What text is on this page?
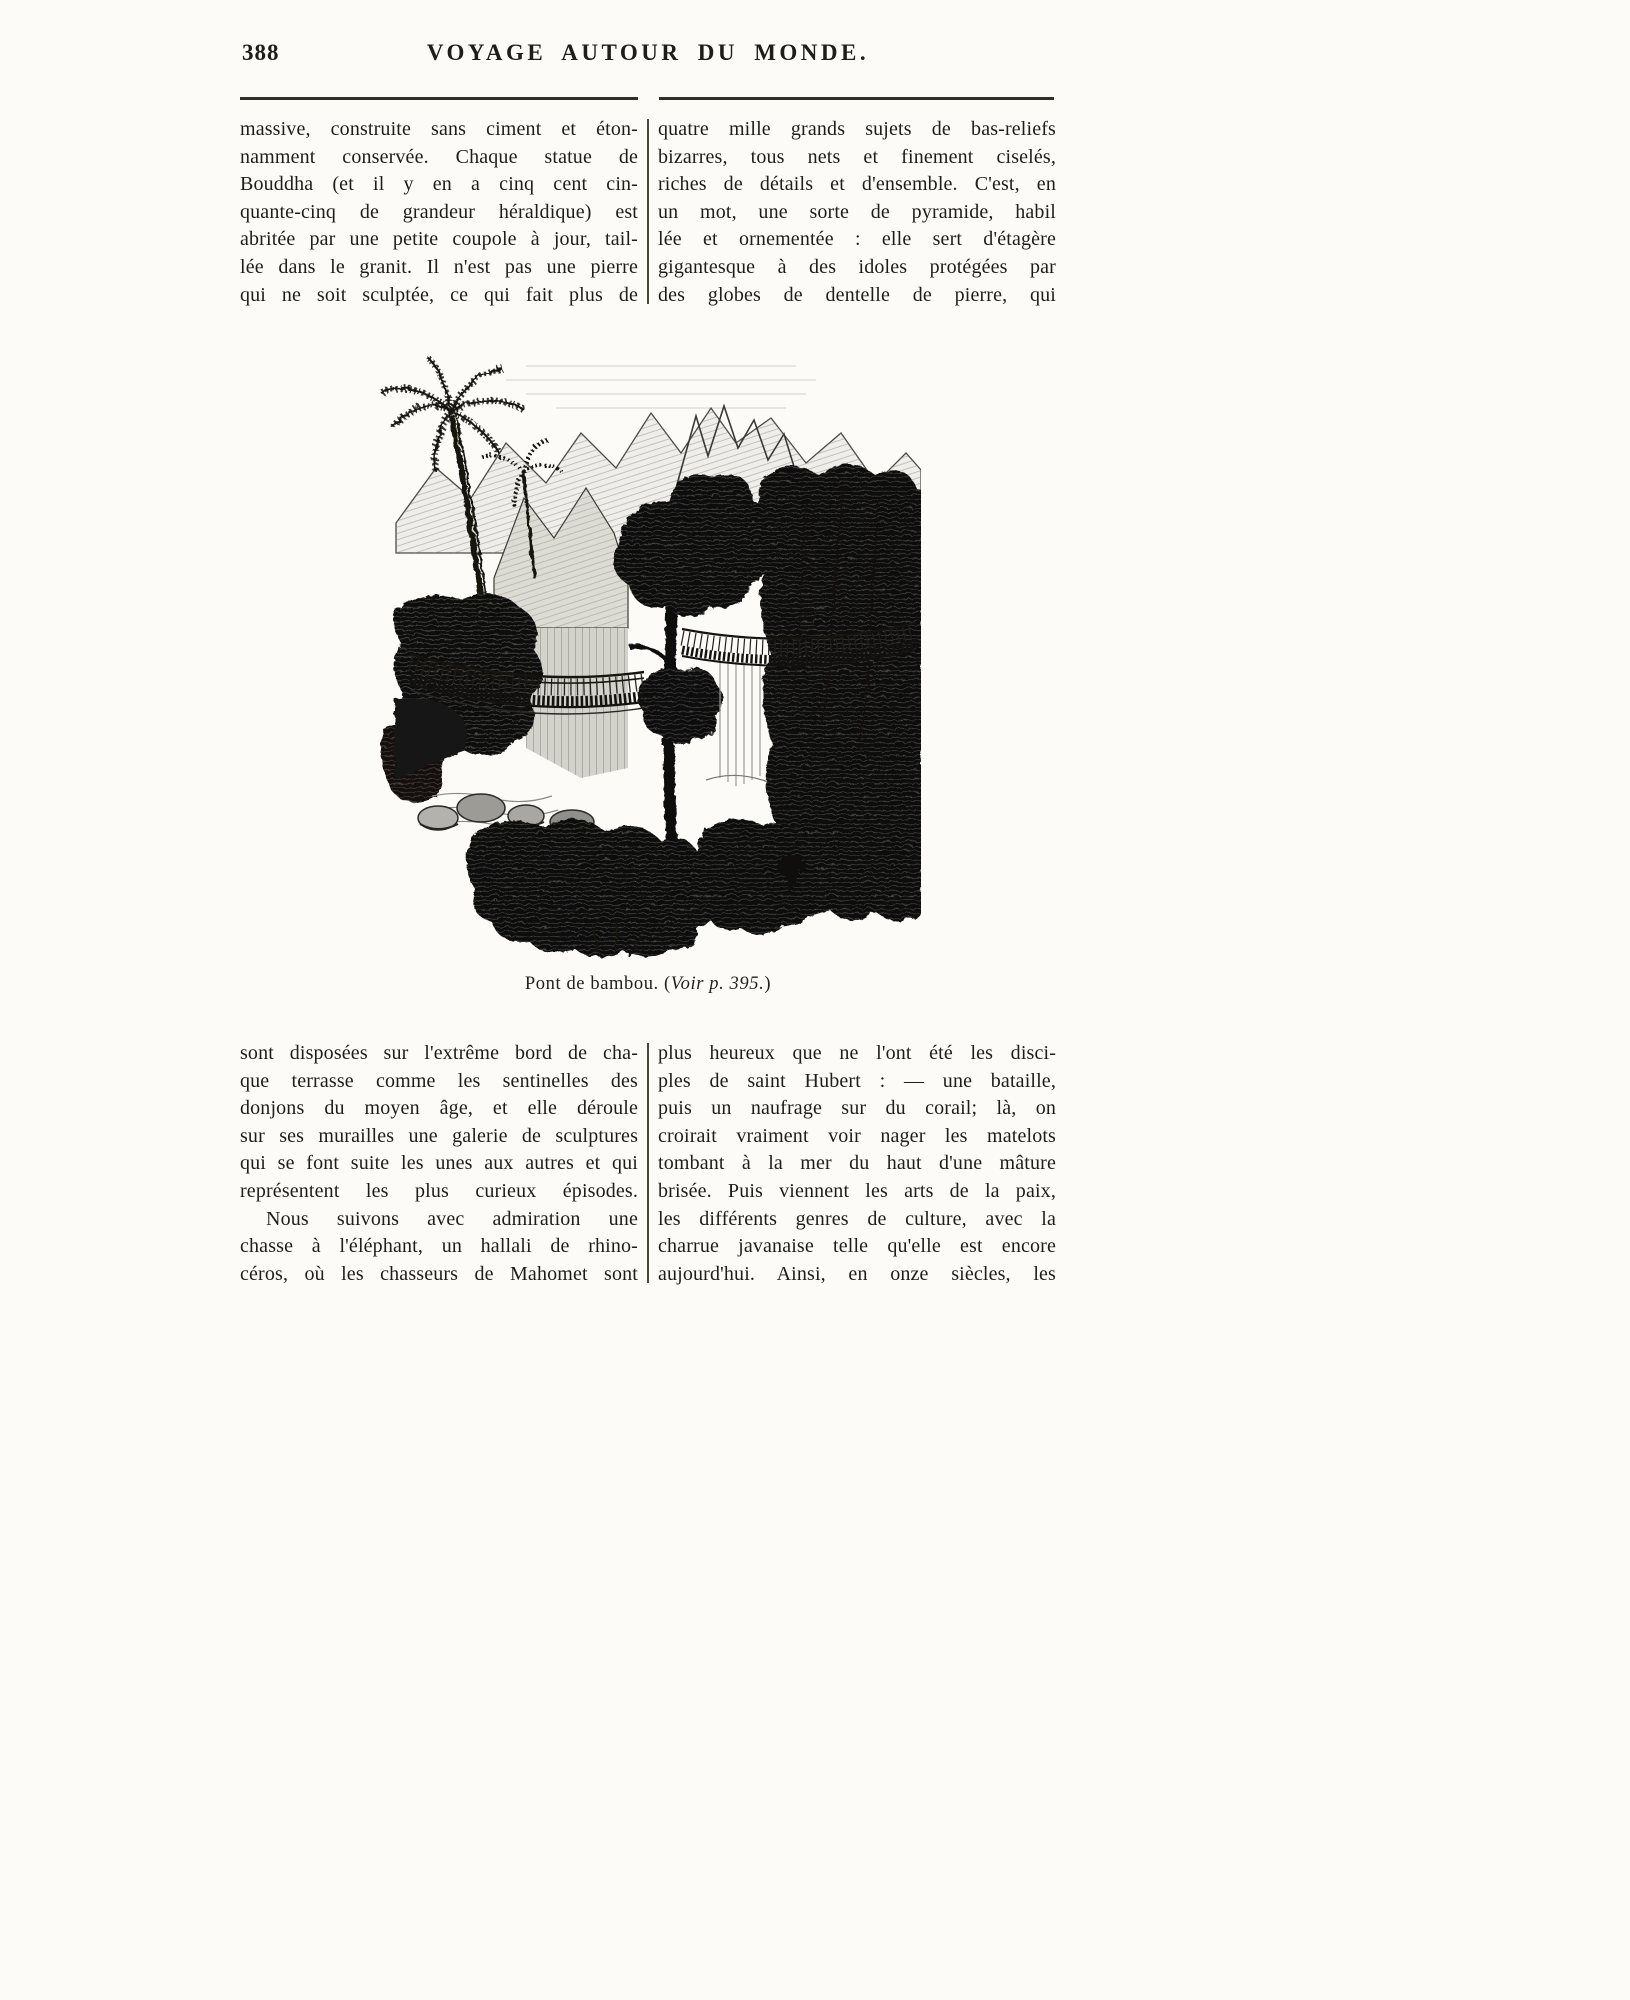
388	VOYAGE AUTOUR DU MONDE.
massive, construite sans ciment et éton-
namment conservée. Chaque statue de
Bouddha (et il y en a cinq cent cin-
quante-cinq de grandeur héraldique) est
abritée par une petite coupole à jour, tail-
lée dans le granit. Il n'est pas une pierre
qui ne soit sculptée, ce qui fait plus de
quatre mille grands sujets de bas-reliefs
bizarres, tous nets et finement ciselés,
riches de détails et d'ensemble. C'est, en
un mot, une sorte de pyramide, habil
lée et ornementée : elle sert d'étagère
gigantesque à des idoles protégées par
des globes de dentelle de pierre, qui
Pont de bambou. (Voir p. 395.)
sont disposées sur l'extrême bord de cha-
que terrasse comme les sentinelles des
donjons du moyen âge, et elle déroule
sur ses murailles une galerie de sculptures
qui se font suite les unes aux autres et qui
représentent les plus curieux épisodes.
Nous suivons avec admiration une
chasse à l'éléphant, un hallali de rhino-
céros, où les chasseurs de Mahomet sont
plus heureux que ne l'ont été les disci-
ples de saint Hubert : — une bataille,
puis un naufrage sur du corail; là, on
croirait vraiment voir nager les matelots
tombant à la mer du haut d'une mâture
brisée. Puis viennent les arts de la paix,
les différents genres de culture, avec la
charrue javanaise telle qu'elle est encore
aujourd'hui. Ainsi, en onze siècles, les
